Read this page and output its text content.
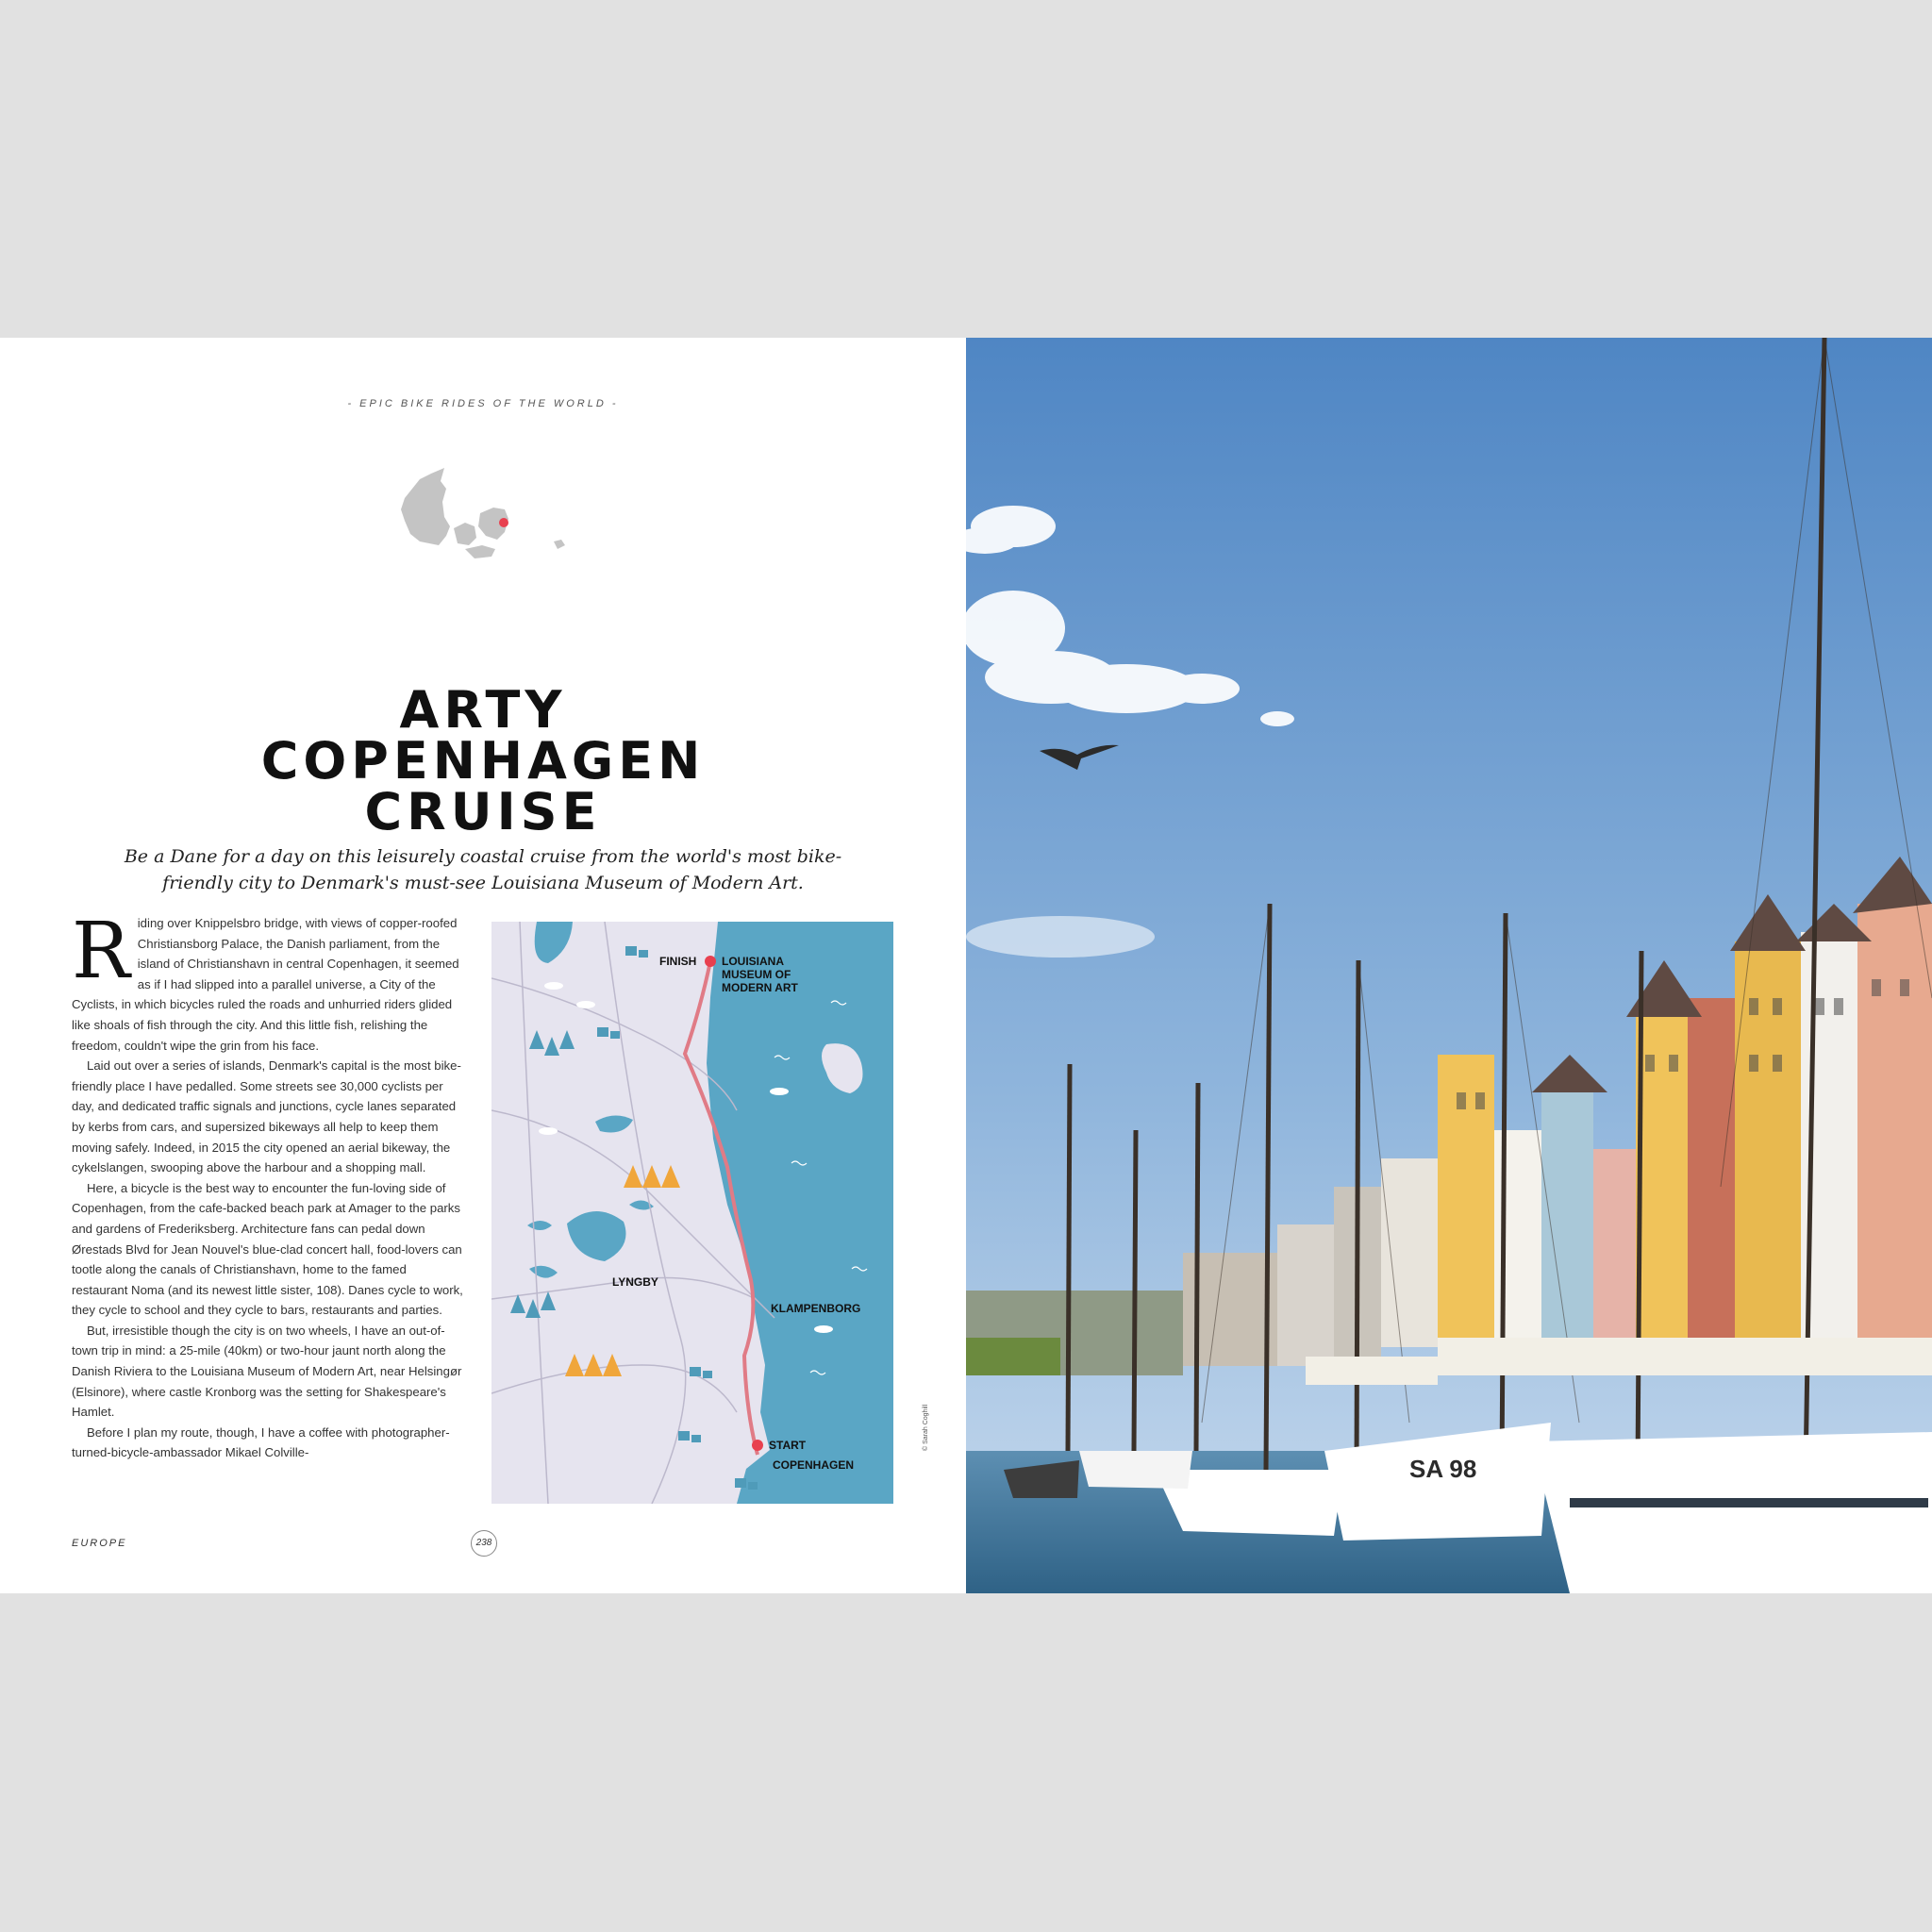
- EPIC BIKE RIDES OF THE WORLD -
ARTY
COPENHAGEN
CRUISE
Be a Dane for a day on this leisurely coastal cruise from the world's most bike-friendly city to Denmark's must-see Louisiana Museum of Modern Art.
R iding over Knippelsbro bridge, with views of copper-roofed Christiansborg Palace, the Danish parliament, from the island of Christianshavn in central Copenhagen, it seemed as if I had slipped into a parallel universe, a City of the Cyclists, in which bicycles ruled the roads and unhurried riders glided like shoals of fish through the city. And this little fish, relishing the freedom, couldn't wipe the grin from his face.

Laid out over a series of islands, Denmark's capital is the most bike-friendly place I have pedalled. Some streets see 30,000 cyclists per day, and dedicated traffic signals and junctions, cycle lanes separated by kerbs from cars, and supersized bikeways all help to keep them moving safely. Indeed, in 2015 the city opened an aerial bikeway, the cykelslangen, swooping above the harbour and a shopping mall.

Here, a bicycle is the best way to encounter the fun-loving side of Copenhagen, from the cafe-backed beach park at Amager to the parks and gardens of Frederiksberg. Architecture fans can pedal down Ørestads Blvd for Jean Nouvel's blue-clad concert hall, food-lovers can tootle along the canals of Christianshavn, home to the famed restaurant Noma (and its newest little sister, 108). Danes cycle to work, they cycle to school and they cycle to bars, restaurants and parties.

But, irresistible though the city is on two wheels, I have an out-of-town trip in mind: a 25-mile (40km) or two-hour jaunt north along the Danish Riviera to the Louisiana Museum of Modern Art, near Helsingør (Elsinore), where castle Kronborg was the setting for Shakespeare's Hamlet.

Before I plan my route, though, I have a coffee with photographer-turned-bicycle-ambassador Mikael Colville-

FINISH LOUISIANA
MUSEUM OF
MODERN ART
LYNGBY
KLAMPENBORG
START
COPENHAGEN
© Sarah Coghill
EUROPE	238
SA 98
